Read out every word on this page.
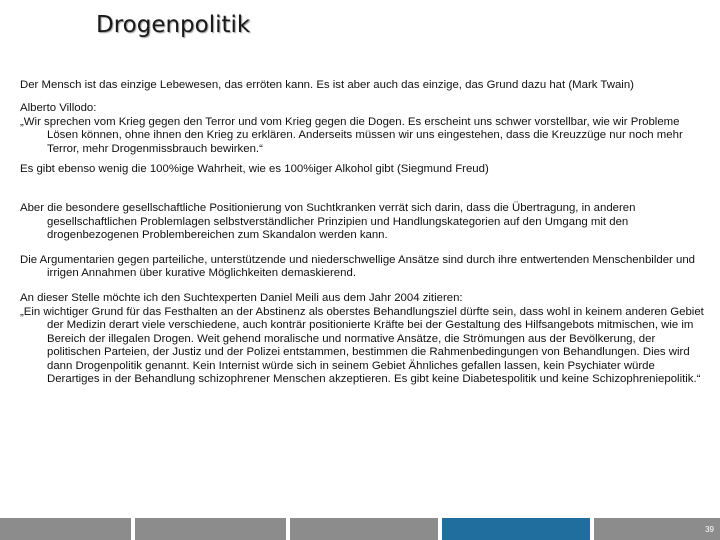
Drogenpolitik

Der Mensch ist das einzige Lebewesen, das erröten kann. Es ist aber auch das einzige, das Grund dazu hat (Mark Twain)

Alberto Villodo:
„Wir sprechen vom Krieg gegen den Terror und vom Krieg gegen die Dogen. Es erscheint uns schwer vorstellbar, wie wir Probleme Lösen können, ohne ihnen den Krieg zu erklären. Anderseits müssen wir uns eingestehen, dass die Kreuzzüge nur noch mehr Terror, mehr Drogenmissbrauch bewirken.“

Es gibt ebenso wenig die 100%ige Wahrheit, wie es 100%iger Alkohol gibt (Siegmund Freud)

Aber die besondere gesellschaftliche Positionierung von Suchtkranken verrät sich darin, dass die Übertragung, in anderen gesellschaftlichen Problemlagen selbstverständlicher Prinzipien und Handlungskategorien auf den Umgang mit den drogenbezogenen Problembereichen zum Skandalon werden kann.

Die Argumentarien gegen parteiliche, unterstützende und niederschwellige Ansätze sind durch ihre entwertenden Menschenbilder und irrigen Annahmen über kurative Möglichkeiten demaskierend.

An dieser Stelle möchte ich den Suchtexperten Daniel Meili aus dem Jahr 2004 zitieren:
„Ein wichtiger Grund für das Festhalten an der Abstinenz als oberstes Behandlungsziel dürfte sein, dass wohl in keinem anderen Gebiet der Medizin derart viele verschiedene, auch konträr positionierte Kräfte bei der Gestaltung des Hilfsangebots mitmischen, wie im Bereich der illegalen Drogen. Weit gehend moralische und normative Ansätze, die Strömungen aus der Bevölkerung, der politischen Parteien, der Justiz und der Polizei entstammen, bestimmen die Rahmenbedingungen von Behandlungen. Dies wird dann Drogenpolitik genannt. Kein Internist würde sich in seinem Gebiet Ähnliches gefallen lassen, kein Psychiater würde Derartiges in der Behandlung schizophrener Menschen akzeptieren. Es gibt keine Diabetespolitik und keine Schizophreniepolitik.“

39
